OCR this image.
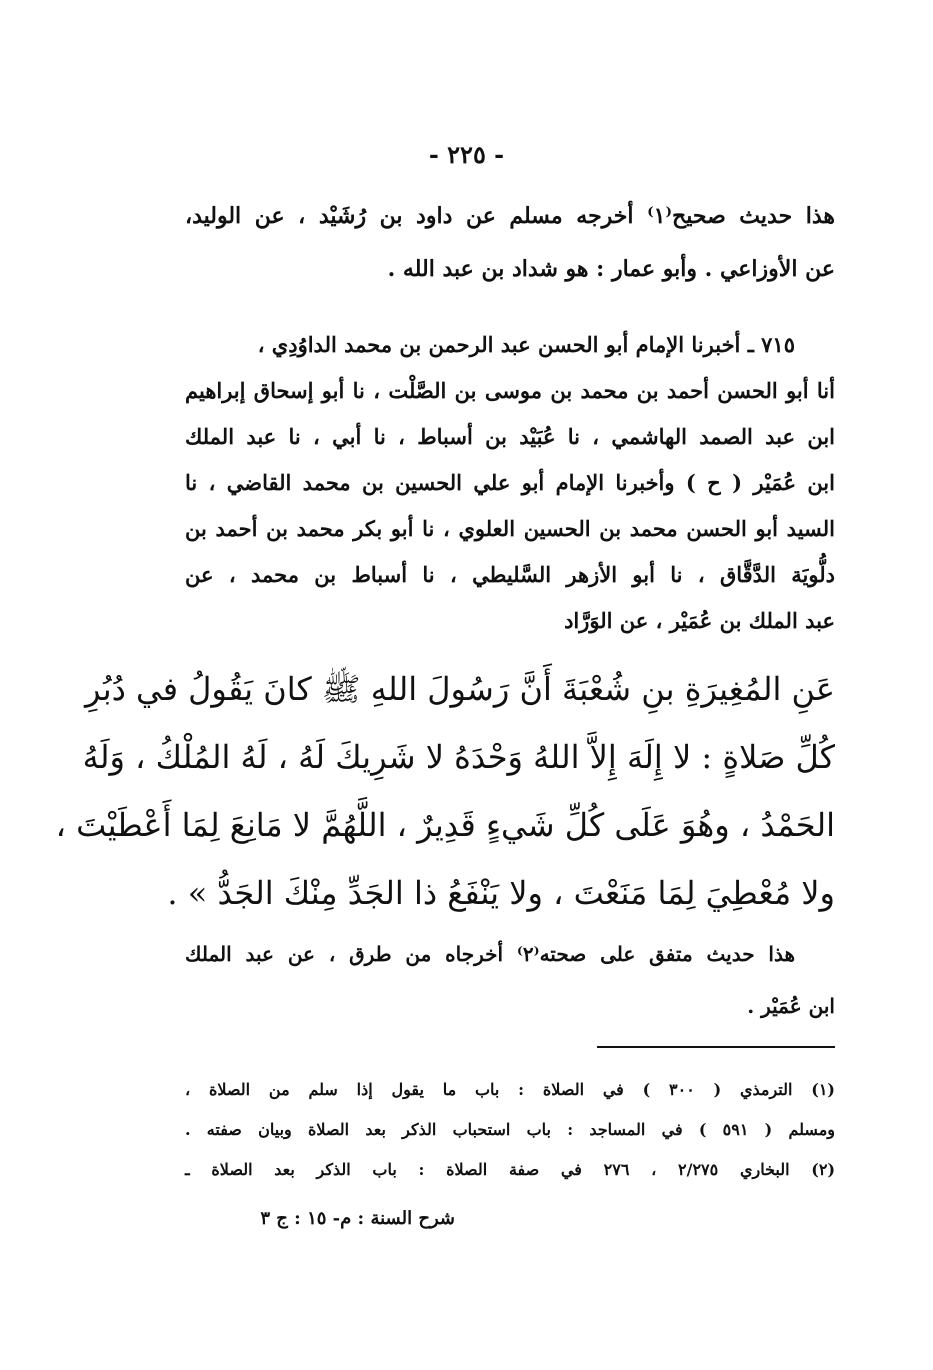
- ٢٢٥ -
هذا حديث صحيح⁽١⁾ أخرجه مسلم عن داود بن رُشَيْد ، عن الوليد،
عن الأوزاعي . وأبو عمار : هو شداد بن عبد الله .
٧١٥ ـ أخبرنا الإمام أبو الحسن عبد الرحمن بن محمد الداوُدِي ،
أنا أبو الحسن أحمد بن محمد بن موسى بن الصَّلْت ، نا أبو إسحاق إبراهيم
ابن عبد الصمد الهاشمي ، نا عُبَيْد بن أسباط ، نا أبي ، نا عبد الملك
ابن عُمَيْر ( ح ) وأخبرنا الإمام أبو علي الحسين بن محمد القاضي ، نا
السيد أبو الحسن محمد بن الحسين العلوي ، نا أبو بكر محمد بن أحمد بن
دلُّويَة الدَّقَّاق ، نا أبو الأزهر السَّليطي ، نا أسباط بن محمد ، عن
عبد الملك بن عُمَيْر ، عن الوَرَّاد
عَنِ المُغِيرَةِ بنِ شُعْبَةَ أَنَّ رَسُولَ اللهِ ﷺ كانَ يَقُولُ في دُبُرِ
كُلِّ صَلاةٍ : لا إِلَهَ إِلاَّ اللهُ وَحْدَهُ لا شَرِيكَ لَهُ ، لَهُ المُلْكُ ، وَلَهُ
الحَمْدُ ، وهُوَ عَلَى كُلِّ شَيءٍ قَدِيرٌ ، اللَّهُمَّ لا مَانِعَ لِمَا أَعْطَيْتَ ،
ولا مُعْطِيَ لِمَا مَنَعْتَ ، ولا يَنْفَعُ ذا الجَدِّ مِنْكَ الجَدُّ » .
هذا حديث متفق على صحته⁽٢⁾ أخرجاه من طرق ، عن عبد الملك
ابن عُمَيْر .
(١) الترمذي ( ٣٠٠ ) في الصلاة : باب ما يقول إذا سلم من الصلاة ،
ومسلم ( ٥٩١ ) في المساجد : باب استحباب الذكر بعد الصلاة وبيان صفته .
(٢) البخاري ٢/٢٧٥ ، ٢٧٦ في صفة الصلاة : باب الذكر بعد الصلاة ـ
شرح السنة : م- ١٥ : ج ٣
